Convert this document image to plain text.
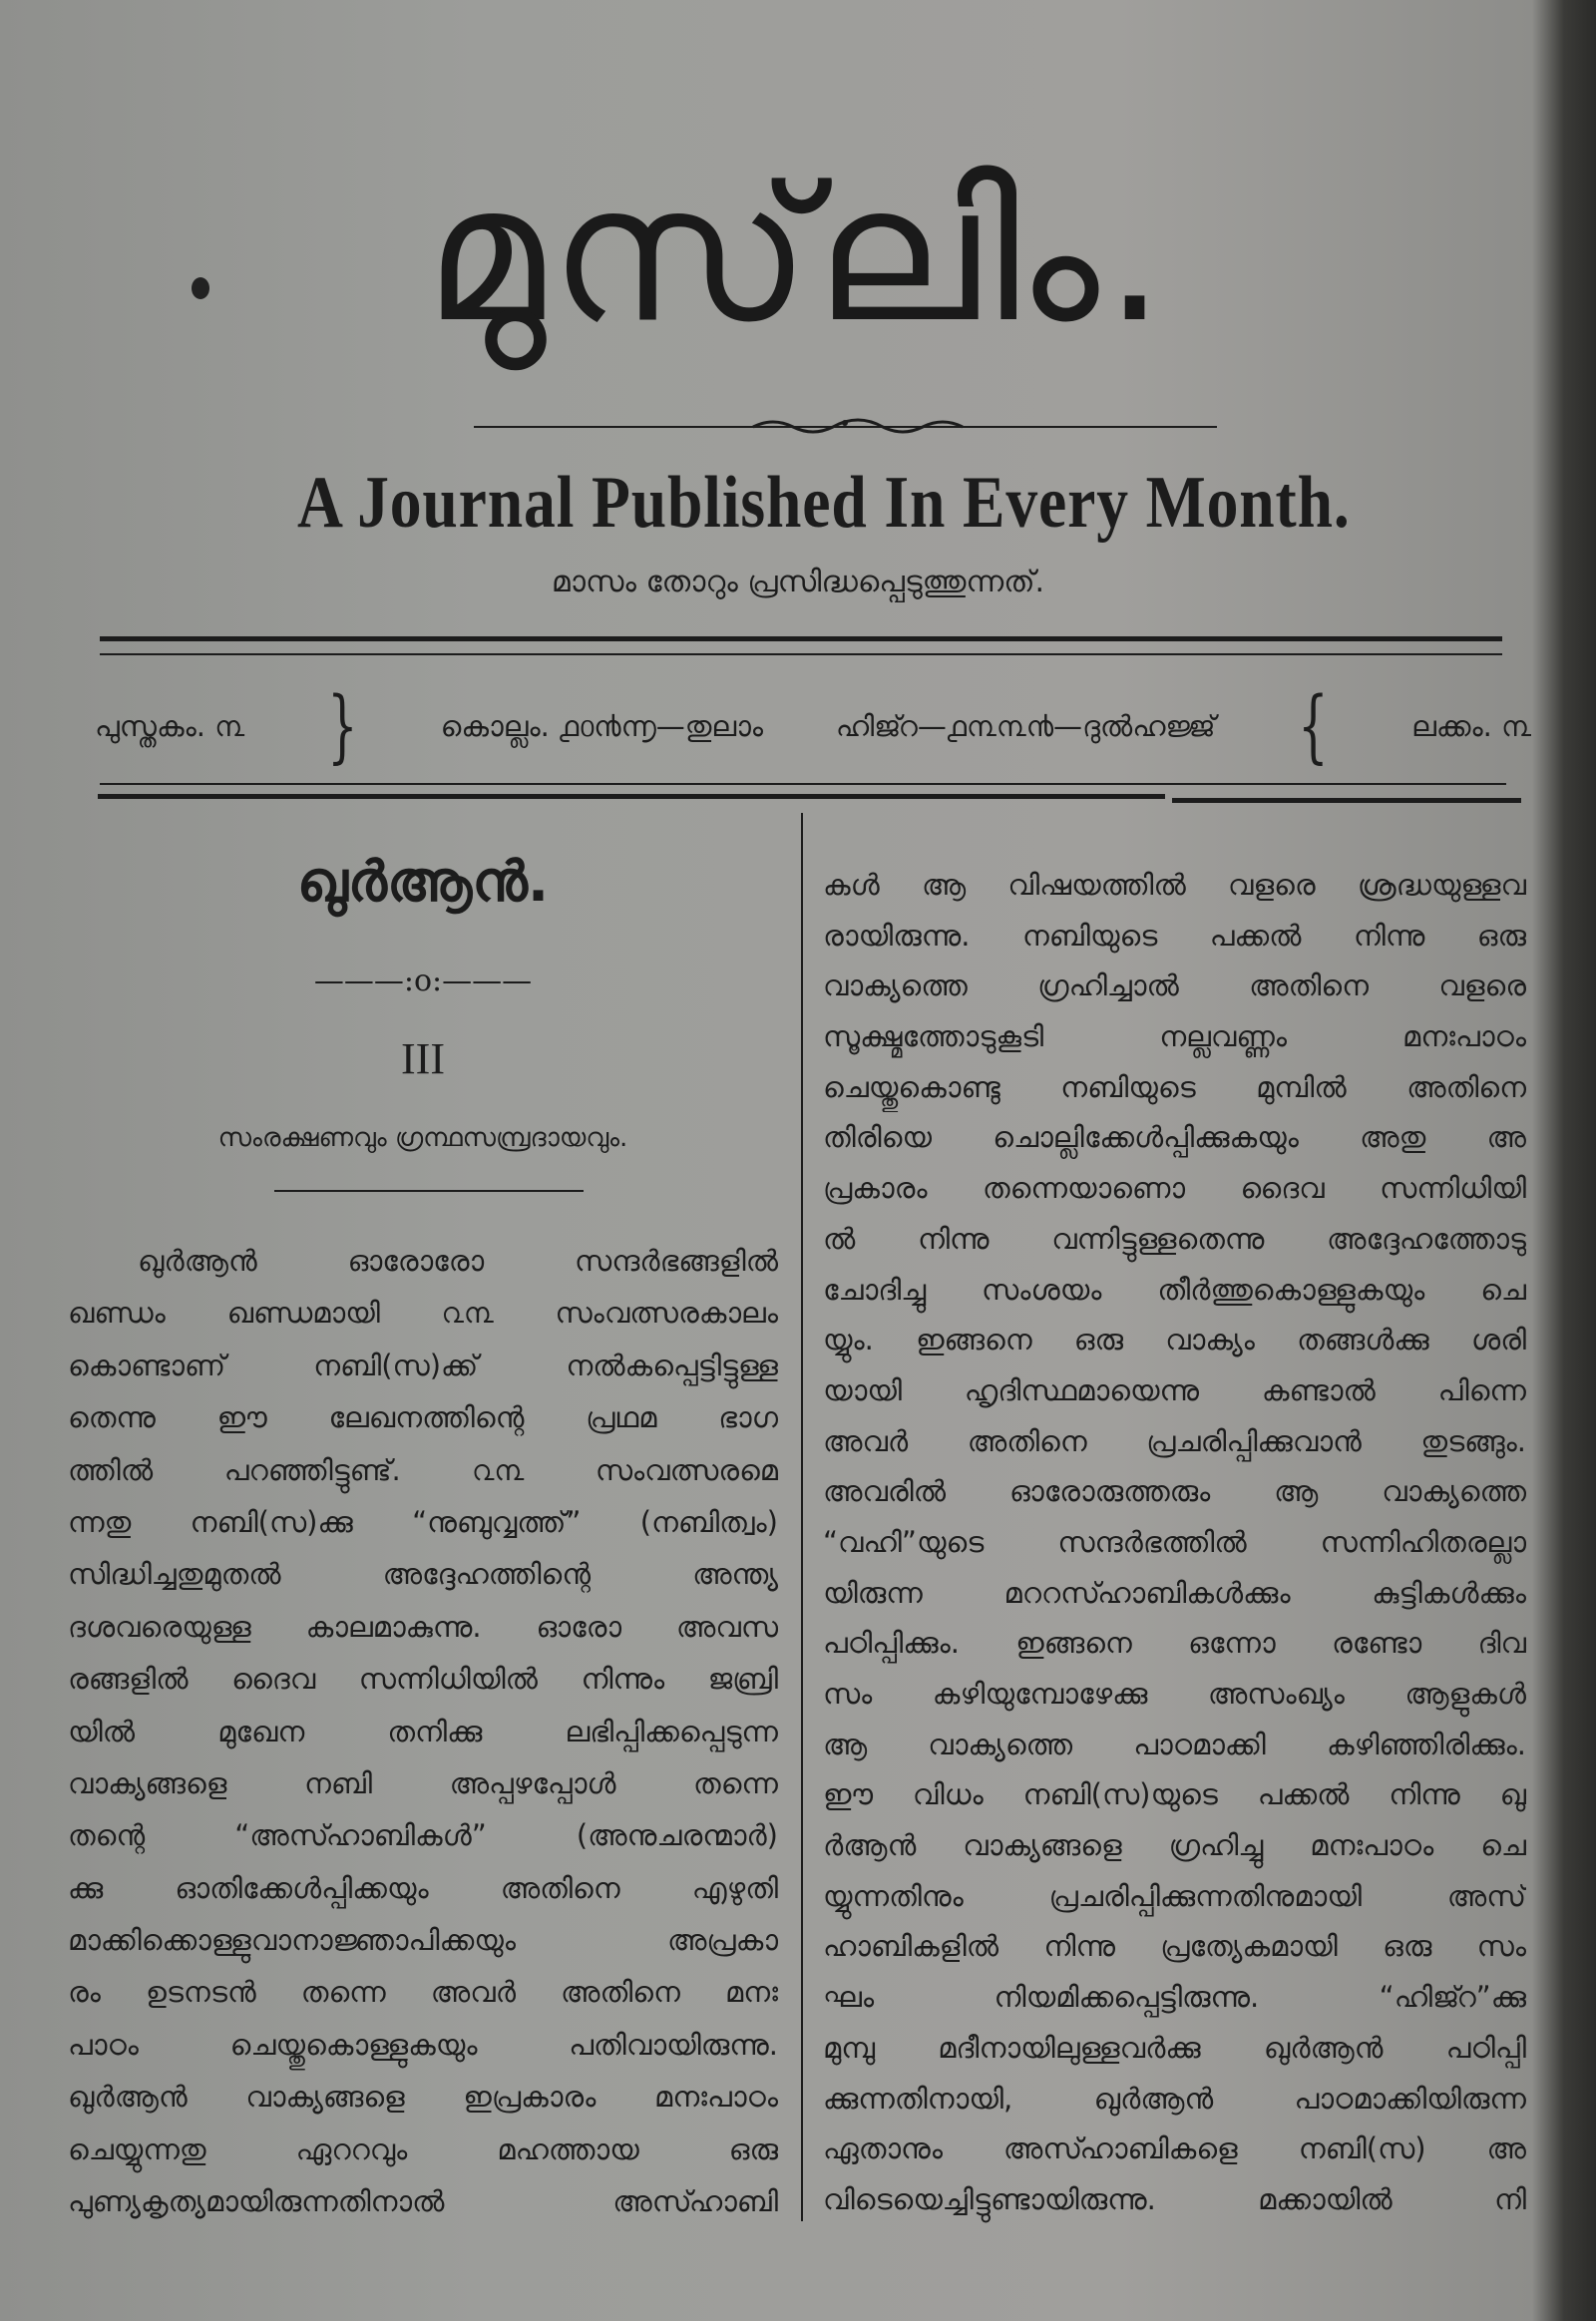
മുസ്‌ലിം.
A Journal Published In Every Month.
മാസം തോറും പ്രസിദ്ധപ്പെടുത്തുന്നത്.
പുസ്തകം. ൩ }	കൊല്ലം. ൧൦൯൬—തുലാം	ഹിജ്റ—൧൩൩൯—ദുൽഹജ്ജ് {	ലക്കം. ൩
ഖുർആൻ.
———:o:———
III
സംരക്ഷണവും ഗ്രന്ഥസമ്പ്രദായവും.
ഖുർആൻ ഓരോരോ സന്ദർഭങ്ങളിൽ
ഖണ്ഡം ഖണ്ഡമായി ൨൩ സംവത്സരകാലം
കൊണ്ടാണ് നബി(സ)ക്ക് നൽകപ്പെട്ടിട്ടുള്ള
തെന്നു ഈ ലേഖനത്തിന്റെ പ്രഥമ ഭാഗ
ത്തിൽ പറഞ്ഞിട്ടുണ്ട്. ൨൩ സംവത്സരമെ
ന്നതു നബി(സ)ക്കു “നുബുവ്വത്ത്” (നബിത്വം)
സിദ്ധിച്ചതുമുതൽ അദ്ദേഹത്തിന്റെ അന്ത്യ
ദശവരെയുള്ള കാലമാകുന്നു. ഓരോ അവസ
രങ്ങളിൽ ദൈവ സന്നിധിയിൽ നിന്നും ജബ്രി
യിൽ മുഖേന തനിക്കു ലഭിപ്പിക്കപ്പെടുന്ന
വാക്യങ്ങളെ നബി അപ്പഴപ്പോൾ തന്നെ
തന്റെ “അസ്ഹാബികൾ” (അനുചരന്മാർ)
ക്കു ഓതിക്കേൾപ്പിക്കയും അതിനെ എഴുതി
മാക്കിക്കൊള്ളുവാനാജ്ഞാപിക്കയും അപ്രകാ
രം ഉടനടൻ തന്നെ അവർ അതിനെ മനഃ
പാഠം ചെയ്തുകൊള്ളുകയും പതിവായിരുന്നു.
ഖുർആൻ വാക്യങ്ങളെ ഇപ്രകാരം മനഃപാഠം
ചെയ്യുന്നതു ഏററവും മഹത്തായ ഒരു
പുണ്യകൃത്യമായിരുന്നതിനാൽ അസ്ഹാബി
കൾ ആ വിഷയത്തിൽ വളരെ ശ്രദ്ധയുള്ളവ
രായിരുന്നു. നബിയുടെ പക്കൽ നിന്നു ഒരു
വാക്യത്തെ ഗ്രഹിച്ചാൽ അതിനെ വളരെ
സൂക്ഷ്മത്തോടുകൂടി നല്ലവണ്ണം മനഃപാഠം
ചെയ്തുകൊണ്ടു നബിയുടെ മുമ്പിൽ അതിനെ
തിരിയെ ചൊല്ലിക്കേൾപ്പിക്കുകയും അതു അ
പ്രകാരം തന്നെയാണൊ ദൈവ സന്നിധിയി
ൽ നിന്നു വന്നിട്ടുള്ളതെന്നു അദ്ദേഹത്തോടു
ചോദിച്ചു സംശയം തീർത്തുകൊള്ളുകയും ചെ
യ്യും. ഇങ്ങനെ ഒരു വാക്യം തങ്ങൾക്കു ശരി
യായി ഹൃദിസ്ഥമായെന്നു കണ്ടാൽ പിന്നെ
അവർ അതിനെ പ്രചരിപ്പിക്കുവാൻ തുടങ്ങും.
അവരിൽ ഓരോരുത്തരും ആ വാക്യത്തെ
“വഹി”യുടെ സന്ദർഭത്തിൽ സന്നിഹിതരല്ലാ
യിരുന്ന മററസ്ഹാബികൾക്കും കുട്ടികൾക്കും
പഠിപ്പിക്കും. ഇങ്ങനെ ഒന്നോ രണ്ടോ ദിവ
സം കഴിയുമ്പോഴേക്കു അസംഖ്യം ആളുകൾ
ആ വാക്യത്തെ പാഠമാക്കി കഴിഞ്ഞിരിക്കും.
ഈ വിധം നബി(സ)യുടെ പക്കൽ നിന്നു ഖു
ർആൻ വാക്യങ്ങളെ ഗ്രഹിച്ചു മനഃപാഠം ചെ
യ്യുന്നതിനും പ്രചരിപ്പിക്കുന്നതിനുമായി അസ്
ഹാബികളിൽ നിന്നു പ്രത്യേകമായി ഒരു സം
ഘം നിയമിക്കപ്പെട്ടിരുന്നു. “ഹിജ്റ”ക്കു
മുമ്പു മദീനായിലുള്ളവർക്കു ഖുർആൻ പഠിപ്പി
ക്കുന്നതിനായി, ഖുർആൻ പാഠമാക്കിയിരുന്ന
ഏതാനും അസ്ഹാബികളെ നബി(സ) അ
വിടെയെച്ചിട്ടുണ്ടായിരുന്നു. മക്കായിൽ നി
